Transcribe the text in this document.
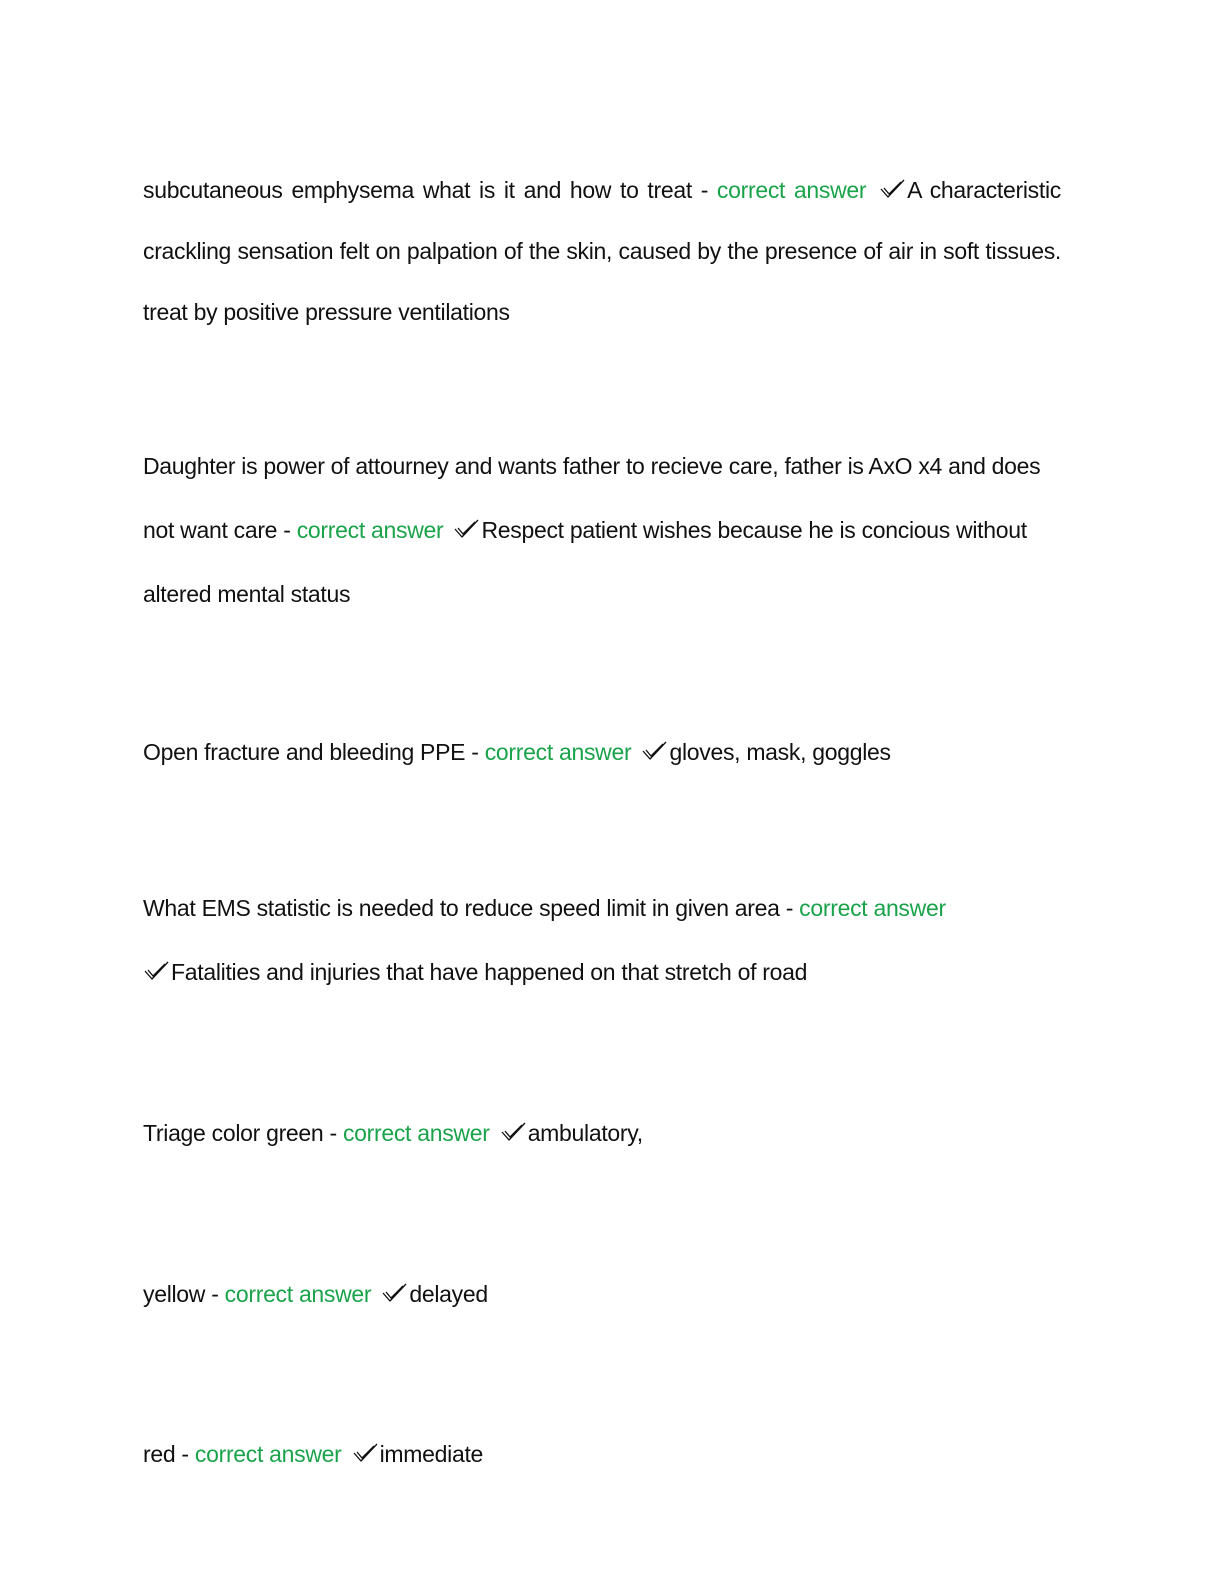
subcutaneous emphysema what is it and how to treat - correct answer A characteristic crackling sensation felt on palpation of the skin, caused by the presence of air in soft tissues. treat by positive pressure ventilations
Daughter is power of attourney and wants father to recieve care, father is AxO x4 and does not want care - correct answer Respect patient wishes because he is concious without altered mental status
Open fracture and bleeding PPE - correct answer gloves, mask, goggles
What EMS statistic is needed to reduce speed limit in given area - correct answer

Fatalities and injuries that have happened on that stretch of road
Triage color green - correct answer ambulatory,
yellow - correct answer delayed
red - correct answer immediate
